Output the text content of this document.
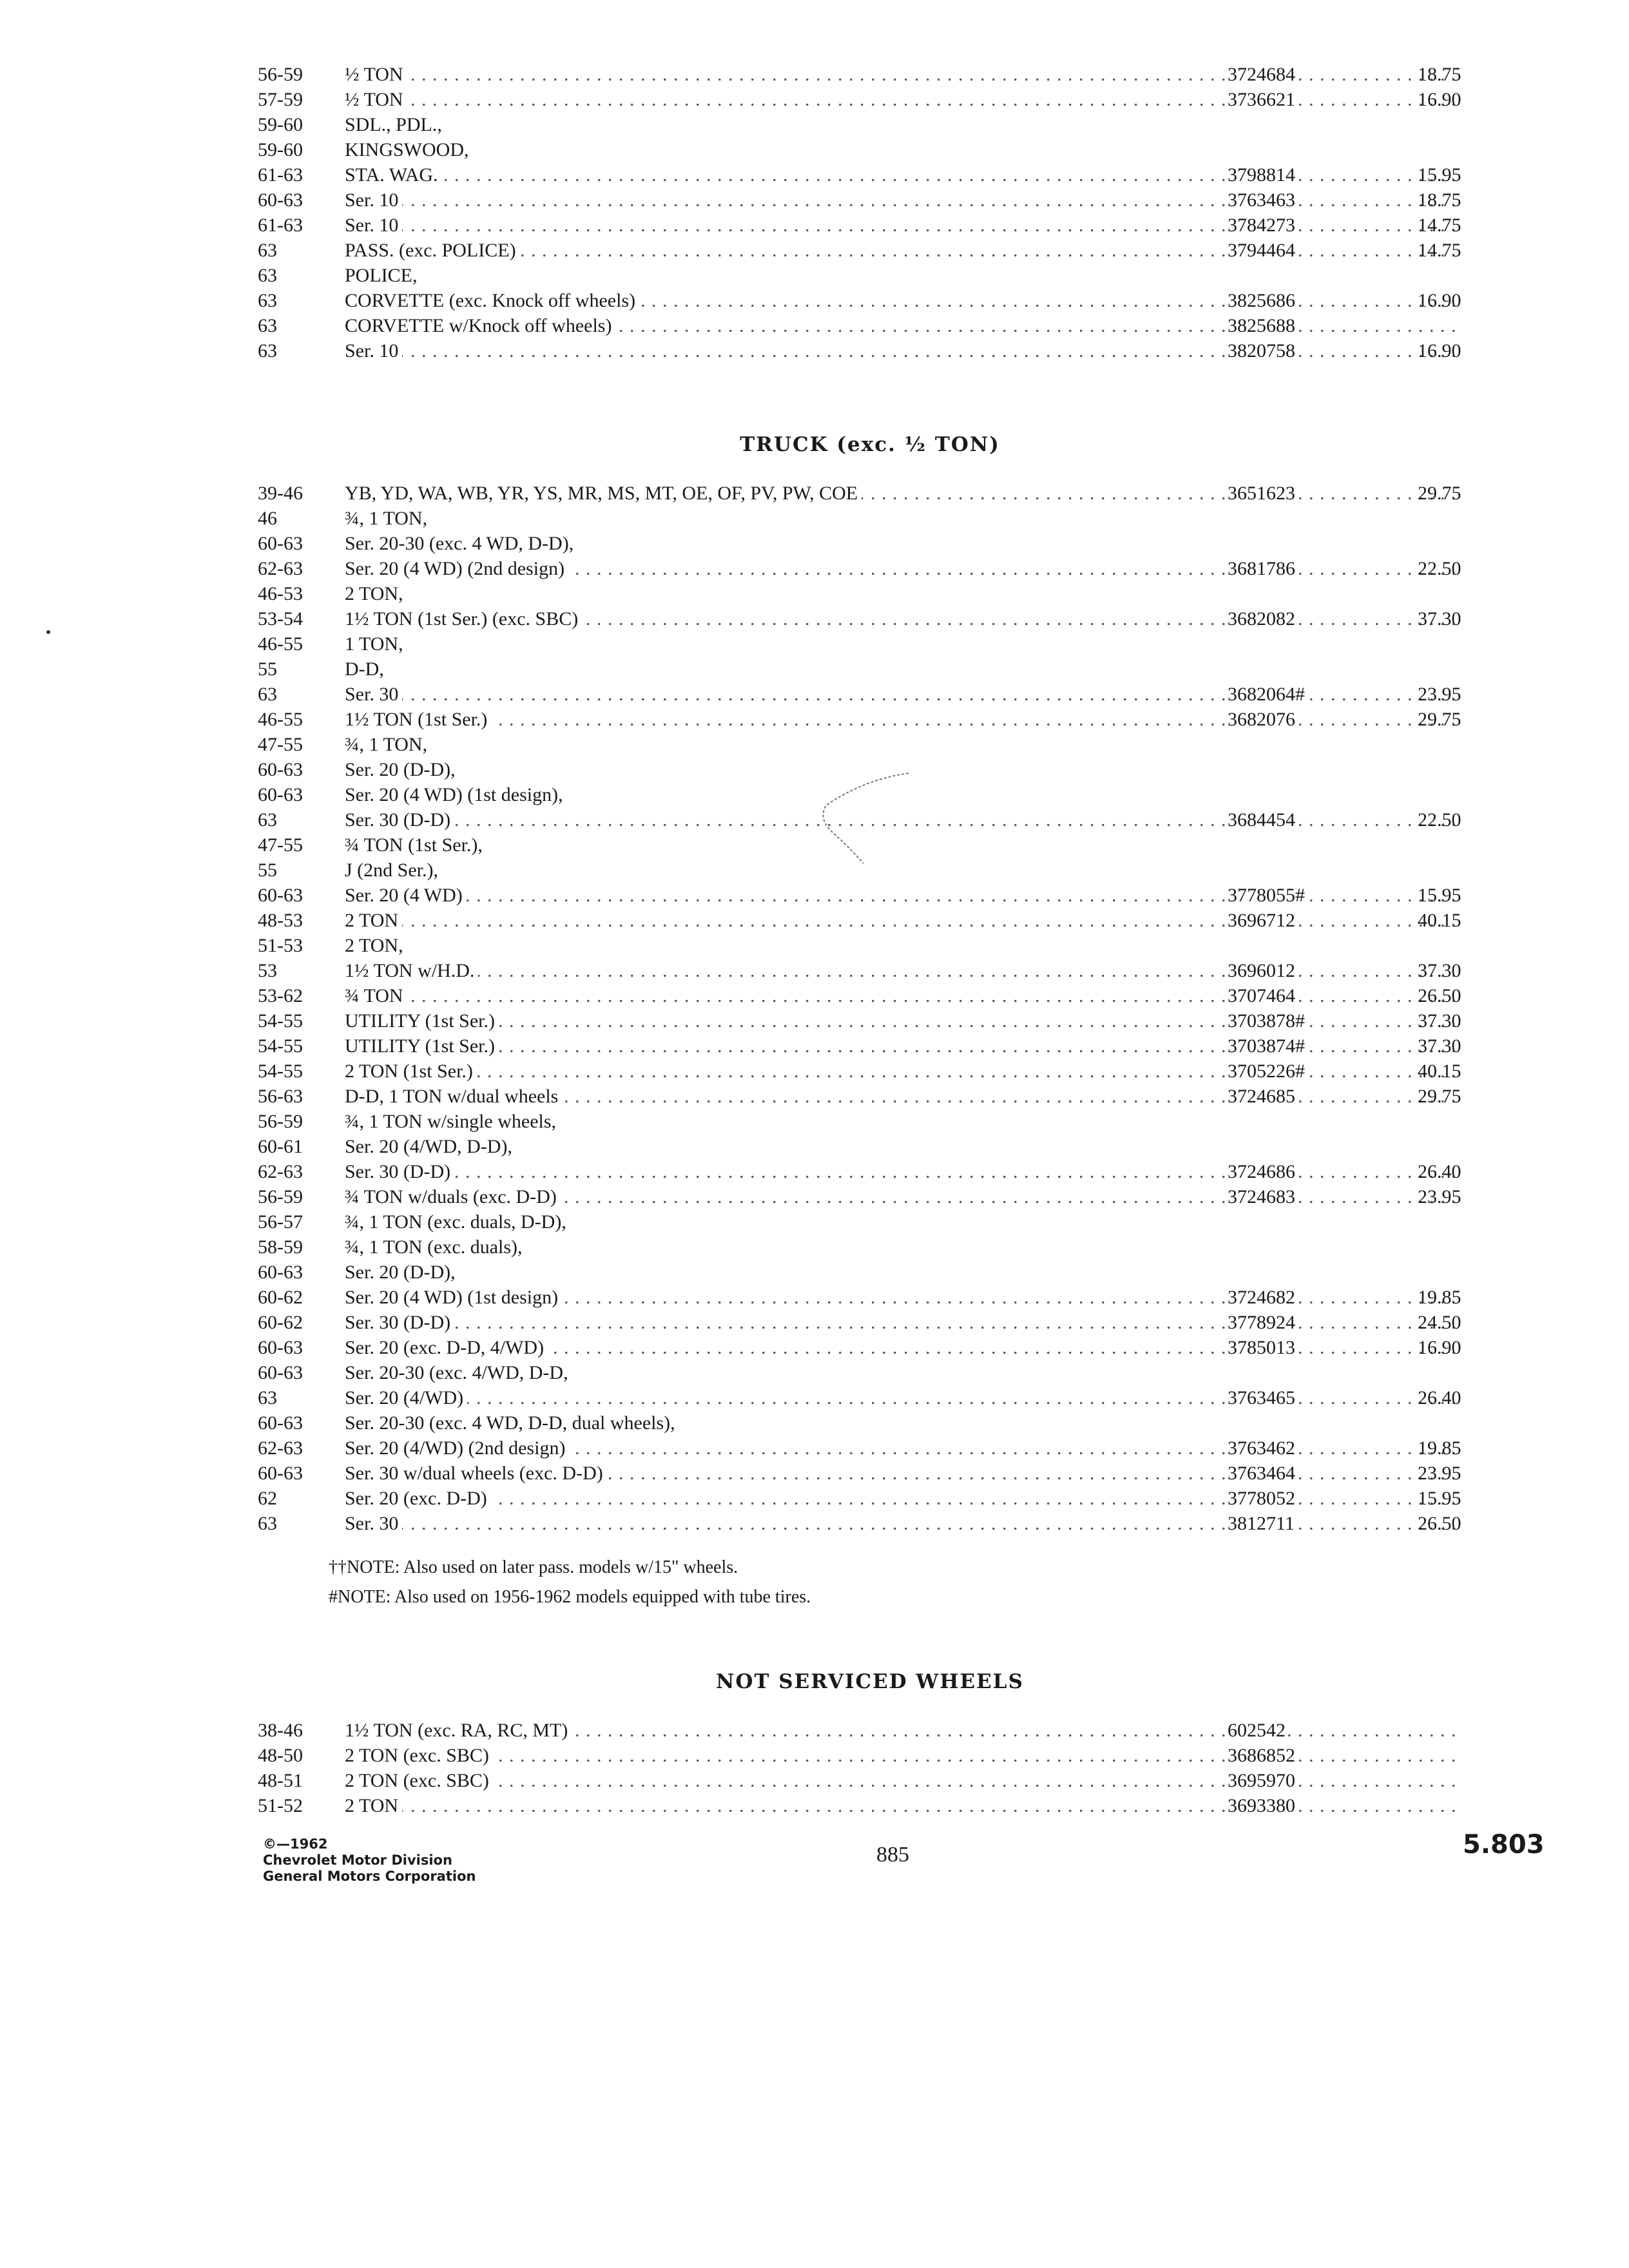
56-59	½ TON . . .	3724684	18.75
57-59	½ TON . . .	3736621	16.90
59-60	SDL., PDL.,
59-60	KINGSWOOD,
61-63	STA. WAG. . . .	3798814	15.95
60-63	Ser. 10 . . .	3763463	18.75
61-63	Ser. 10 . . .	3784273	14.75
63	PASS. (exc. POLICE) . . .	3794464	14.75
63	POLICE,
63	CORVETTE (exc. Knock off wheels) . . .	3825686	16.90
63	CORVETTE w/Knock off wheels) . . .	3825688
63	Ser. 10 . . .	3820758	16.90
TRUCK (exc. ½ TON)
39-46	YB, YD, WA, WB, YR, YS, MR, MS, MT, OE, OF, PV, PW, COE . . .	3651623	29.75
46	¾, 1 TON,
60-63	Ser. 20-30 (exc. 4 WD, D-D),
62-63	Ser. 20 (4 WD) (2nd design) . . .	3681786	22.50
46-53	2 TON,
53-54	1½ TON (1st Ser.) (exc. SBC) . . .	3682082	37.30
46-55	1 TON,
55	D-D,
63	Ser. 30 . . .	3682064#	23.95
46-55	1½ TON (1st Ser.) . . .	3682076	29.75
47-55	¾, 1 TON,
60-63	Ser. 20 (D-D),
60-63	Ser. 20 (4 WD) (1st design),
63	Ser. 30 (D-D) . . .	3684454	22.50
47-55	¾ TON (1st Ser.),
55	J (2nd Ser.),
60-63	Ser. 20 (4 WD) . . .	3778055#	15.95
48-53	2 TON . . .	3696712	40.15
51-53	2 TON,
53	1½ TON w/H.D. . . .	3696012	37.30
53-62	¾ TON . . .	3707464	26.50
54-55	UTILITY (1st Ser.) . . .	3703878#	37.30
54-55	UTILITY (1st Ser.) . . .	3703874#	37.30
54-55	2 TON (1st Ser.) . . .	3705226#	40.15
56-63	D-D, 1 TON w/dual wheels . . .	3724685	29.75
56-59	¾, 1 TON w/single wheels,
60-61	Ser. 20 (4/WD, D-D),
62-63	Ser. 30 (D-D) . . .	3724686	26.40
56-59	¾ TON w/duals (exc. D-D) . . .	3724683	23.95
56-57	¾, 1 TON (exc. duals, D-D),
58-59	¾, 1 TON (exc. duals),
60-63	Ser. 20 (D-D),
60-62	Ser. 20 (4 WD) (1st design) . . .	3724682	19.85
60-62	Ser. 30 (D-D) . . .	3778924	24.50
60-63	Ser. 20 (exc. D-D, 4/WD) . . .	3785013	16.90
60-63	Ser. 20-30 (exc. 4/WD, D-D,
63	Ser. 20 (4/WD) . . .	3763465	26.40
60-63	Ser. 20-30 (exc. 4 WD, D-D, dual wheels),
62-63	Ser. 20 (4/WD) (2nd design) . . .	3763462	19.85
60-63	Ser. 30 w/dual wheels (exc. D-D) . . .	3763464	23.95
62	Ser. 20 (exc. D-D) . . .	3778052	15.95
63	Ser. 30 . . .	3812711	26.50
††NOTE: Also used on later pass. models w/15" wheels.
#NOTE: Also used on 1956-1962 models equipped with tube tires.
NOT SERVICED WHEELS
38-46	1½ TON (exc. RA, RC, MT) . . .	602542
48-50	2 TON (exc. SBC) . . .	3686852
48-51	2 TON (exc. SBC) . . .	3695970
51-52	2 TON . . .	3693380
©—1962
Chevrolet Motor Division
General Motors Corporation
885	5.803
